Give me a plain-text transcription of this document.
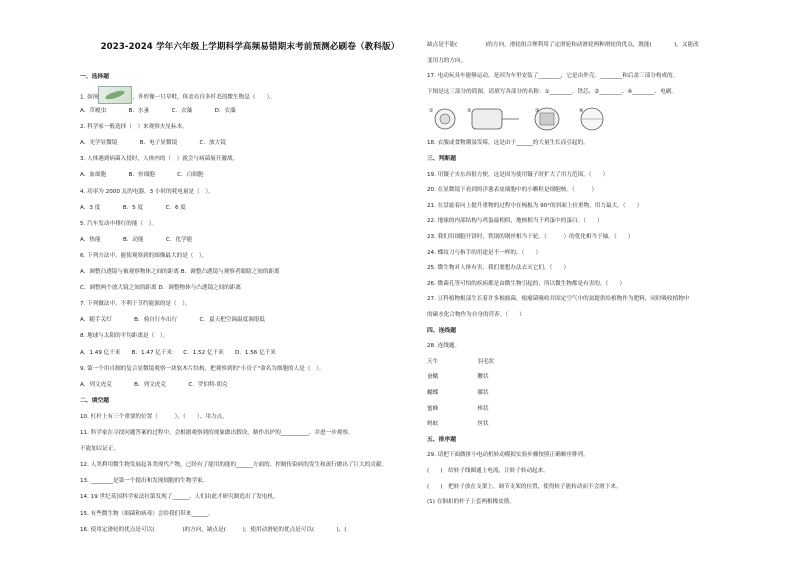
2023-2024 学年六年级上学期科学高频易错期末考前预测必刷卷（教科版）
一、选择题
1. 如图	，外形像一只草鞋，体表有许多纤毛的微生物是（　　）。
A．草履虫　　　　B．水蚤　　　　C．衣藻　　　　D．衣藻
2. 科学家一般选择（　）来观察火星标本。
A．光学显微镜　　　　B．电子显微镜　　　　C．放大镜
3. 人体遇到病菌入侵时，人体内的（　）就会与病菌展开激战。
A．血细胞　　　　B．骨细胞　　　　C．白细胞
4. 功率为 2000 瓦的电器，3 小时的耗电量是（　）。
A．3 度　　　　B．5 度　　　　C．6 度
5. 汽车发动中排行的能（　）。
A．热能　　　　B．动能　　　　C．化学能
6. 下列方法中，能使观察到的图像最大的是（　）。
A．调整凸透镜与被观察物体之间的距离 B．调整凸透镜与观察者眼睛之间的距离
C．调整两个放大镜之间的距离 D．调整物体与凸透镜之间的距离
7. 下列做法中，不利于节约能源的是（　）。
A．随手关灯　　　　B．骑自行车出行　　　　C．夏天把空调温度调很低
8. 地球与太阳的平均距离是（　）。
A．1.49 亿千米　　B．1.47 亿千米　　C．1.52 亿千米　　D．1.56 亿千米
9. 第一个用自制的复合显微镜观察一块软木片结构，把观察到的"小房子"命名为细胞的人是（　）。
A．列文虎克　　　　B．列文虎克　　　　C．罗伯特·胡克
二、填空题
10. 杠杆上有三个重要的位置（　　　）、（　　）、用力点。
11. 科学家在寻找问题答案的过程中，会根据观察到的现象做出假设，制作出护的__________，并进一步观察，
不能加以证正。
12. 人类利用微生物发展起各类现代产物，已经有了能用的能的______方面的、控制传染病的发生和流行做出了巨大的贡献。
13. ________是第一个提出和发现细胞的生物学家。
14. 19 世纪英国科学家法拉第发现了______，人们由此才研究制造出了发电机。
15. 有些微生物（细菌和病毒）会给我们带来______。
16. 使用定滑轮的优点是可以(　　　　　)的方向，缺点是(　　　)，使用动滑轮的优点是可以(　　　　)，(
缺点是不能(　　　　　)的方向，滑轮组合理利用了定滑轮和动滑轮两种滑轮的优点，既能(　　　　)，又能改
变用力的方向。
17. 电动玩具车能够运动，是因为车里安装了________，它是由外壳、________和后盖三部分构成的。
下图是这三部分的简图，请填写各部分的名称：①________、铁芯、②________、④________、电刷。
①	②	③	④
18. 衣服或食物潮湿发霉，这是由于______的大量生长而引起的。
三、判断题
19. 用镊子夹东西很方便，这是因为使用镊子时扩大了用力范围。（　　）
20. 在显微镜下看到的洋葱表皮细胞中的小颗粒是细胞核。（　　　）
21. 在盘旋着向上提升重物的过程中在梳板为 90°的斜面上拉重物，用力最大。（　　）
22. 地球的内部结构与鸡蛋最相似，地核相当于鸡蛋中的蛋白。（　　）
23. 我们用细胞开饼时，铁锅的钢丝相当于轮。（　　　）的优化相当于轴。（　　）
24. 蝶纹刀与指手的用途是不一样的。（　　）
25. 微生物对人体有害，我们要想办法去灭它们。（　　）
26. 微菌孔等可怕的疾病都是由微生物引起的，所以微生物都是有害的。（　　）
27. 豆科植物根部生长着许多根瘤菌，根瘤菌吸收并固定空气中的氮提供给植物作为肥料，同时吸收植物中
的碳水化合物作为自身的营养。（　　）
四、连线题
28. 连线题。
天牛　　　　　　　羽毛状
蚕蛾　　　　　　　鞭状
蝴蝶　　　　　　　膝状
蜜蜂　　　　　　　棒状
蚂蚁　　　　　　　丝状
五、排序题
29. 请把下面做拼小电动机转动模拟实验步骤按照正确顺序排列。
(　　)　给转子线圈通上电流，让转子转动起来。
(　　)　把转子放在支架上，调节支架的位置，使得转子能转动而不会滑下来。
(1) 在铜扣的杆子上套两根橡皮筋。
